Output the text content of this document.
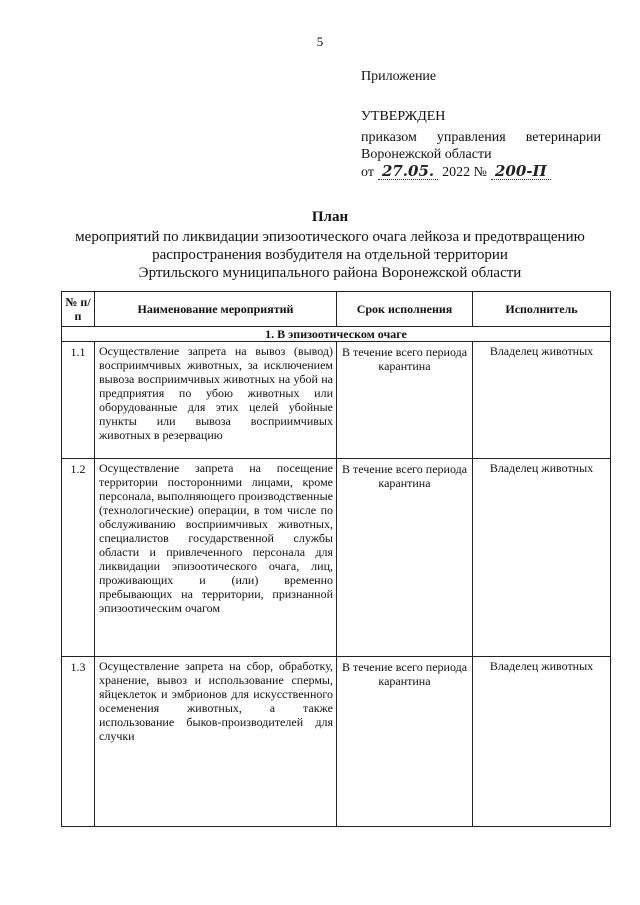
5
Приложение
УТВЕРЖДЕН
приказом управления ветеринарии
Воронежской области
от 27.05. 2022 № 200-П
План
мероприятий по ликвидации эпизоотического очага лейкоза и предотвращению
распространения возбудителя на отдельной территории
Эртильского муниципального района Воронежской области
№ п/п	Наименование мероприятий	Срок исполнения	Исполнитель
1. В эпизоотическом очаге			
1.1	Осуществление запрета на вывоз (вывод) восприимчивых животных, за исключением вывоза восприимчивых животных на убой на предприятия по убою животных или оборудованные для этих целей убойные пункты или вывоза восприимчивых животных в резервацию	В течение всего периода карантина	Владелец животных
1.2	Осуществление запрета на посещение территории посторонними лицами, кроме персонала, выполняющего производственные (технологические) операции, в том числе по обслуживанию восприимчивых животных, специалистов государственной службы области и привлеченного персонала для ликвидации эпизоотического очага, лиц, проживающих и (или) временно пребывающих на территории, признанной эпизоотическим очагом	В течение всего периода карантина	Владелец животных
1.3	Осуществление запрета на сбор, обработку, хранение, вывоз и использование спермы, яйцеклеток и эмбрионов для искусственного осеменения животных, а также использование быков-производителей для случки	В течение всего периода карантина	Владелец животных
